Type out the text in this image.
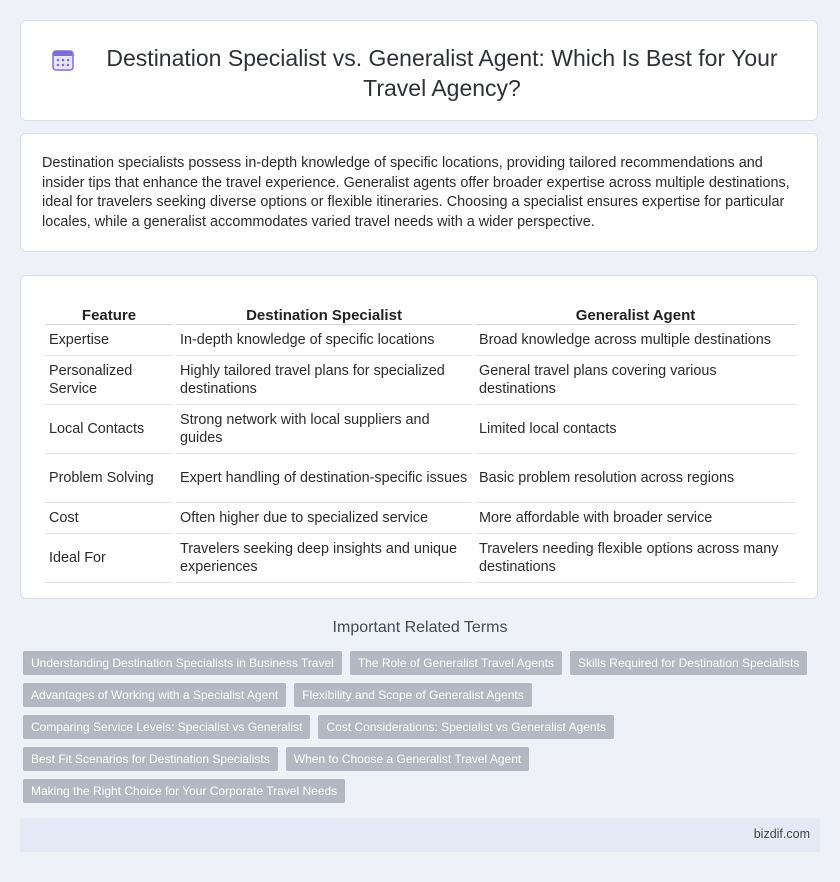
Destination Specialist vs. Generalist Agent: Which Is Best for Your Travel Agency?
Destination specialists possess in-depth knowledge of specific locations, providing tailored recommendations and insider tips that enhance the travel experience. Generalist agents offer broader expertise across multiple destinations, ideal for travelers seeking diverse options or flexible itineraries. Choosing a specialist ensures expertise for particular locales, while a generalist accommodates varied travel needs with a wider perspective.
Feature	Destination Specialist	Generalist Agent
Expertise	In-depth knowledge of specific locations	Broad knowledge across multiple destinations
Personalized Service	Highly tailored travel plans for specialized destinations	General travel plans covering various destinations
Local Contacts	Strong network with local suppliers and guides	Limited local contacts
Problem Solving	Expert handling of destination-specific issues	Basic problem resolution across regions
Cost	Often higher due to specialized service	More affordable with broader service
Ideal For	Travelers seeking deep insights and unique experiences	Travelers needing flexible options across many destinations
Important Related Terms
Understanding Destination Specialists in Business Travel	The Role of Generalist Travel Agents	Skills Required for Destination Specialists
Advantages of Working with a Specialist Agent	Flexibility and Scope of Generalist Agents
Comparing Service Levels: Specialist vs Generalist	Cost Considerations: Specialist vs Generalist Agents
Best Fit Scenarios for Destination Specialists	When to Choose a Generalist Travel Agent
Making the Right Choice for Your Corporate Travel Needs
bizdif.com
